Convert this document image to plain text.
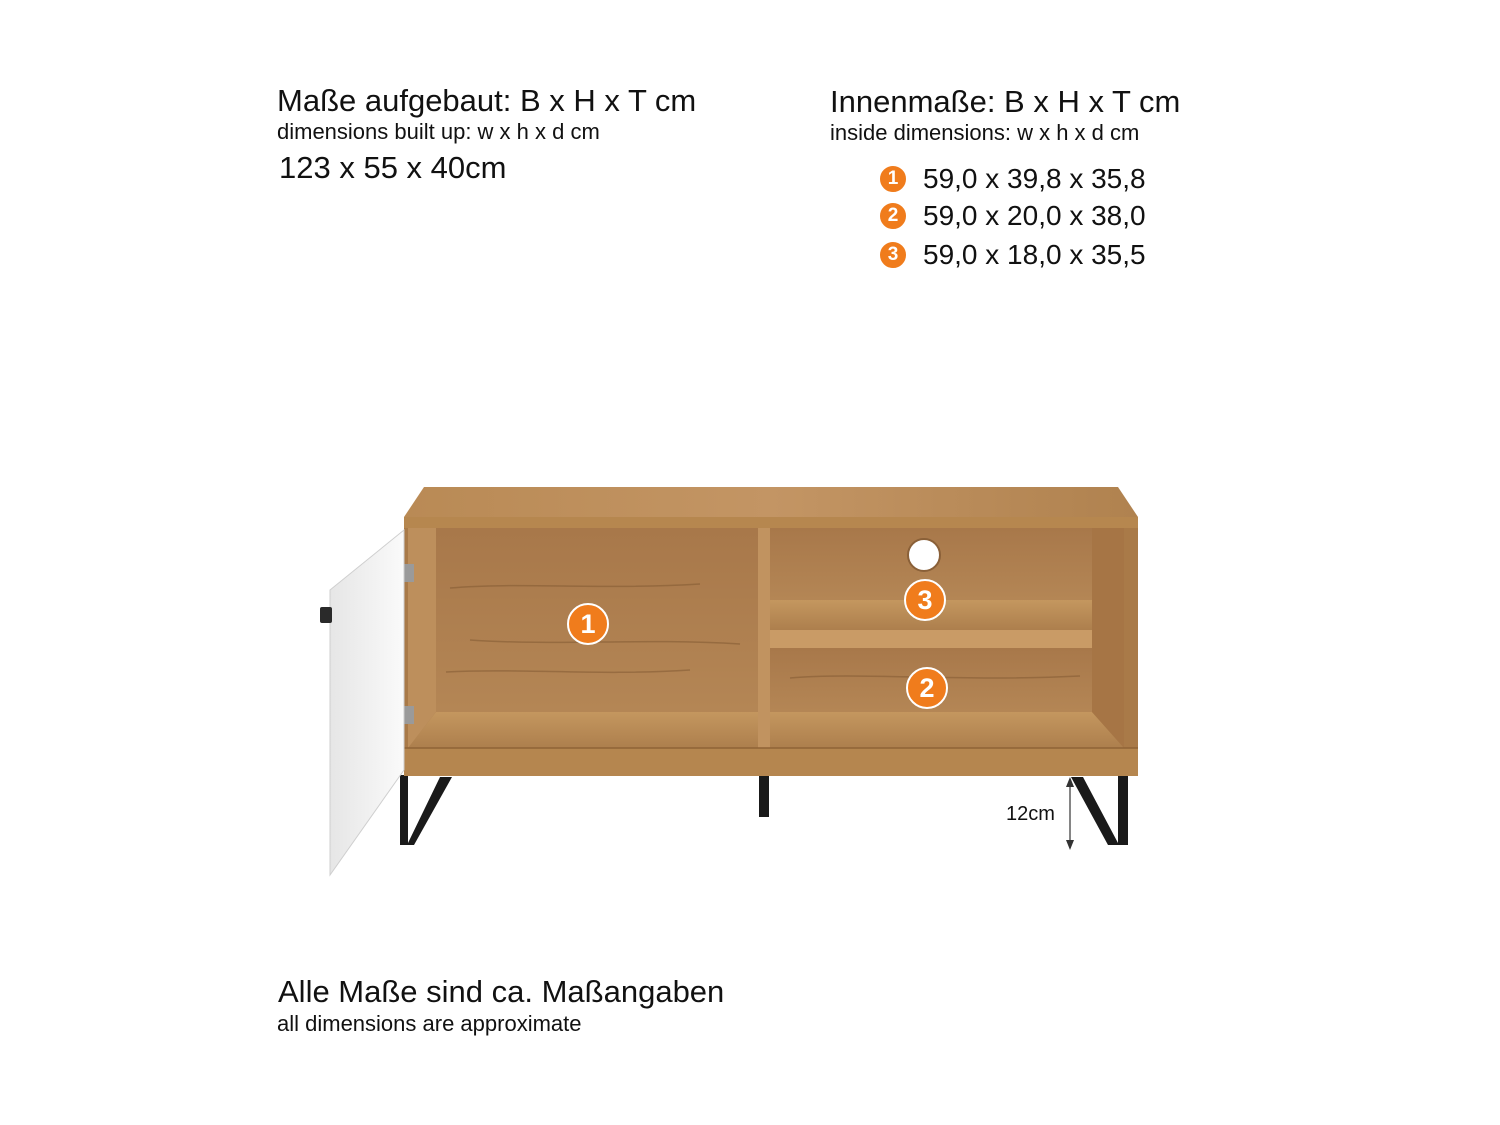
Maße aufgebaut: B x H x T cm
dimensions built up: w x h x d cm
123 x 55 x 40cm
Innenmaße: B x H x T cm
inside dimensions: w x h x d cm
1 59,0 x 39,8 x 35,8
2 59,0 x 20,0 x 38,0
3 59,0 x 18,0 x 35,5
1
3
2
12cm
Alle Maße sind ca. Maßangaben
all dimensions are approximate
